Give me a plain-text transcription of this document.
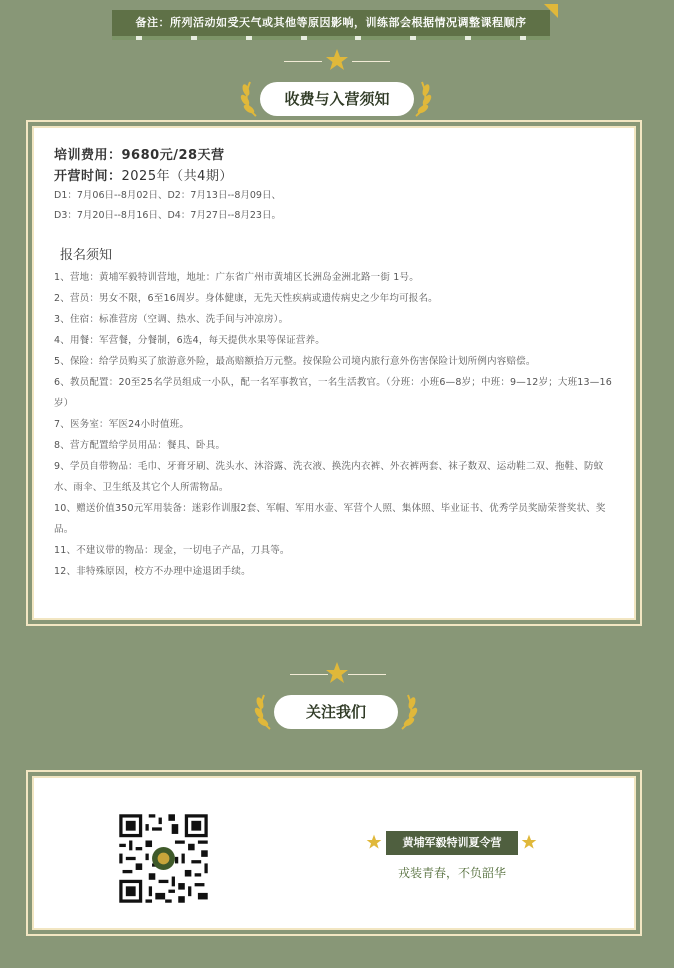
备注：所列活动如受天气或其他等原因影响，训练部会根据情况调整课程顺序
收费与入营须知
培训费用：9680元/28天营
开营时间：2025年（共4期）
D1：7月06日--8月02日、D2：7月13日--8月09日、
D3：7月20日--8月16日、D4：7月27日--8月23日。
报名须知
1、营地：黄埔军毅特训营地，地址：广东省广州市黄埔区长洲岛金洲北路一街 1号。
2、营员：男女不限，6至16周岁。身体健康，无先天性疾病或遗传病史之少年均可报名。
3、住宿：标准营房（空调、热水、洗手间与冲凉房）。
4、用餐：军营餐，分餐制，6选4，每天提供水果等保证营养。
5、保险：给学员购买了旅游意外险，最高赔额拾万元整。按保险公司境内旅行意外伤害保险计划所例内容赔偿。
6、教员配置：20至25名学员组成一小队，配一名军事教官，一名生活教官。（分班：小班6—8岁；中班：9—12岁；大班13—16岁）
7、医务室：军医24小时值班。
8、营方配置给学员用品：餐具、卧具。
9、学员自带物品：毛巾、牙膏牙刷、洗头水、沐浴露、洗衣液、换洗内衣裤、外衣裤两套、袜子数双、运动鞋二双、拖鞋、防蚊水、雨伞、卫生纸及其它个人所需物品。
10、赠送价值350元军用装备：迷彩作训服2套、军帽、军用水壶、军营个人照、集体照、毕业证书、优秀学员奖励荣誉奖状、奖品。
11、不建议带的物品：现金，一切电子产品，刀具等。
12、非特殊原因，校方不办理中途退团手续。
关注我们
黄埔军毅特训夏令营
戎装青春，不负韶华
